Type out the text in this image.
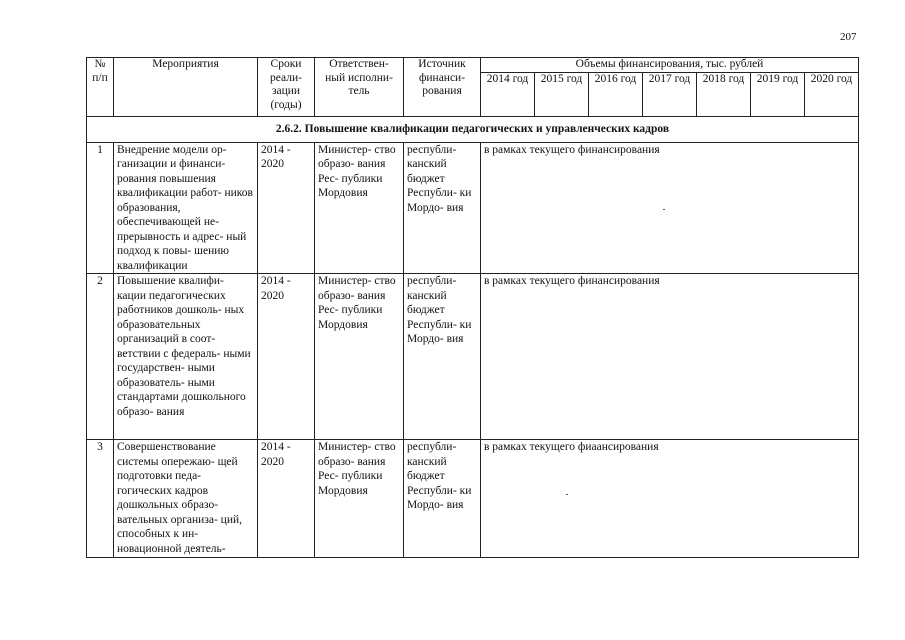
207
№ п/п	Мероприятия	Сроки реали- зации (годы)	Ответствен- ный исполни- тель	Источник финанси- рования	Объемы финансирования, тыс. рублей						
					2014 год	2015 год	2016 год	2017 год	2018 год	2019 год	2020 год
2.6.2. Повышение квалификации педагогических и управленческих кадров											
1	Внедрение модели ор- ганизации и финанси- рования повышения квалификации работ- ников образования, обеспечивающей не- прерывность и адрес- ный подход к повы- шению квалификации	2014 - 2020	Министер- ство образо- вания Рес- публики Мордовия	республи- канский бюджет Республи- ки Мордо- вия	в рамках текущего финансирования						
2	Повышение квалифи- кации педагогических работников дошколь- ных образовательных организаций в соот- ветствии с федераль- ными государствен- ными образователь- ными стандартами дошкольного образо- вания	2014 - 2020	Министер- ство образо- вания Рес- публики Мордовия	республи- канский бюджет Республи- ки Мордо- вия	в рамках текущего финансирования						
3	Совершенствование системы опережаю- щей подготовки педа- гогических кадров дошкольных образо- вательных организа- ций, способных к ин- новационной деятель-	2014 - 2020	Министер- ство образо- вания Рес- публики Мордовия	республи- канский бюджет Республи- ки Мордо- вия	в рамках текущего фиаансирования						
